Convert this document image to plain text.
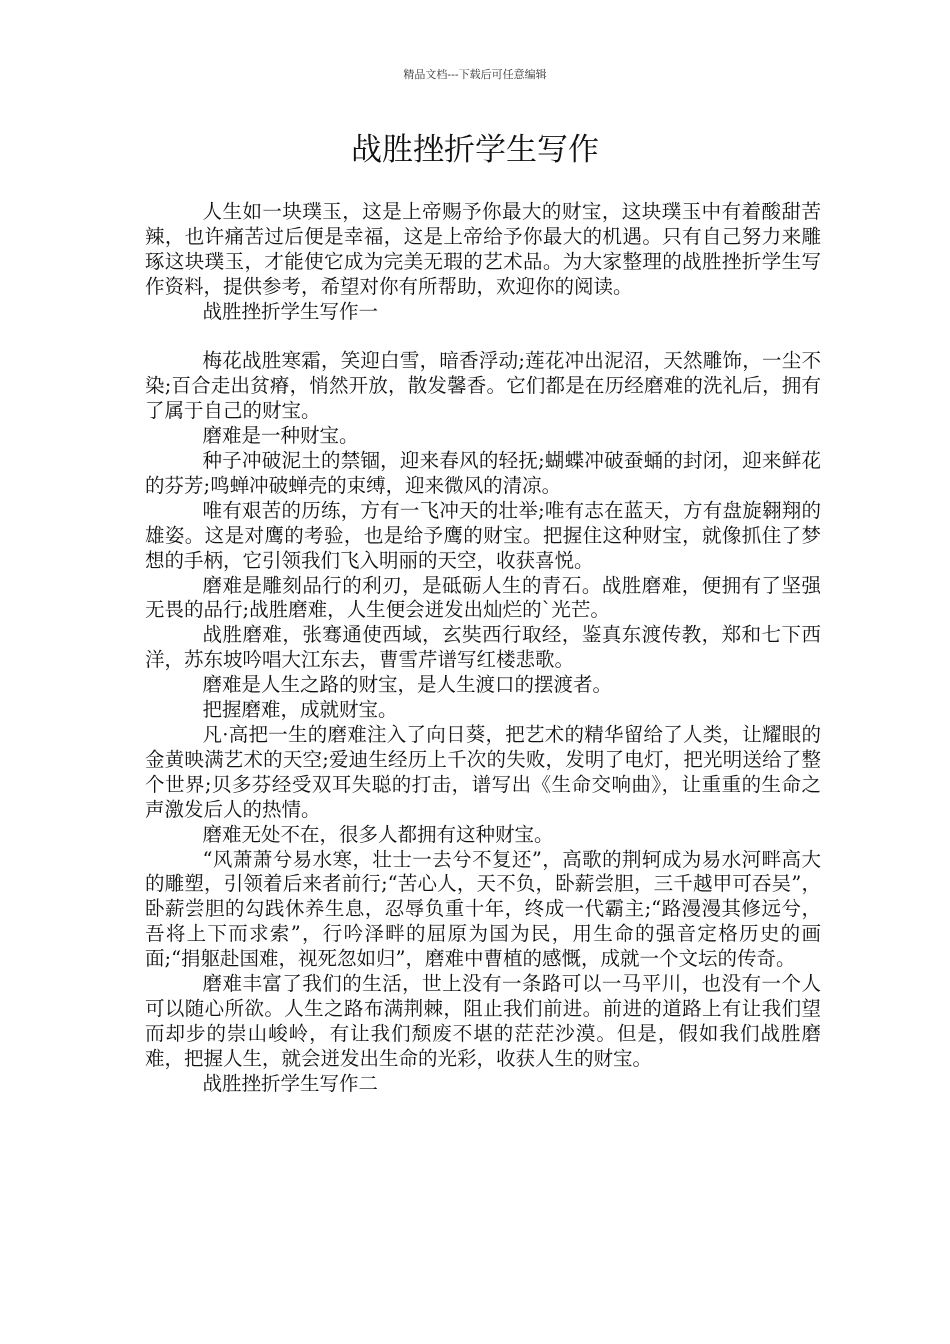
精品文档---下载后可任意编辑
战胜挫折学生写作

人生如一块璞玉，这是上帝赐予你最大的财宝，这块璞玉中有着酸甜苦辣，也许痛苦过后便是幸福，这是上帝给予你最大的机遇。只有自己努力来雕琢这块璞玉，才能使它成为完美无瑕的艺术品。为大家整理的战胜挫折学生写作资料，提供参考，希望对你有所帮助，欢迎你的阅读。

战胜挫折学生写作一

梅花战胜寒霜，笑迎白雪，暗香浮动;莲花冲出泥沼，天然雕饰，一尘不染;百合走出贫瘠，悄然开放，散发馨香。它们都是在历经磨难的洗礼后，拥有了属于自己的财宝。

磨难是一种财宝。

种子冲破泥土的禁锢，迎来春风的轻抚;蝴蝶冲破蚕蛹的封闭，迎来鲜花的芬芳;鸣蝉冲破蝉壳的束缚，迎来微风的清凉。

唯有艰苦的历练，方有一飞冲天的壮举;唯有志在蓝天，方有盘旋翱翔的雄姿。这是对鹰的考验，也是给予鹰的财宝。把握住这种财宝，就像抓住了梦想的手柄，它引领我们飞入明丽的天空，收获喜悦。

磨难是雕刻品行的利刃，是砥砺人生的青石。战胜磨难，便拥有了坚强无畏的品行;战胜磨难，人生便会迸发出灿烂的`光芒。

战胜磨难，张骞通使西域，玄奘西行取经，鉴真东渡传教，郑和七下西洋，苏东坡吟唱大江东去，曹雪芹谱写红楼悲歌。

磨难是人生之路的财宝，是人生渡口的摆渡者。

把握磨难，成就财宝。

凡·高把一生的磨难注入了向日葵，把艺术的精华留给了人类，让耀眼的金黄映满艺术的天空;爱迪生经历上千次的失败，发明了电灯，把光明送给了整个世界;贝多芬经受双耳失聪的打击，谱写出《生命交响曲》，让重重的生命之声激发后人的热情。

磨难无处不在，很多人都拥有这种财宝。

“风萧萧兮易水寒，壮士一去兮不复还”，高歌的荆轲成为易水河畔高大的雕塑，引领着后来者前行;“苦心人，天不负，卧薪尝胆，三千越甲可吞吴”，卧薪尝胆的勾践休养生息，忍辱负重十年，终成一代霸主;“路漫漫其修远兮，吾将上下而求索”，行吟泽畔的屈原为国为民，用生命的强音定格历史的画面;“捐躯赴国难，视死忽如归”，磨难中曹植的感慨，成就一个文坛的传奇。

磨难丰富了我们的生活，世上没有一条路可以一马平川，也没有一个人可以随心所欲。人生之路布满荆棘，阻止我们前进。前进的道路上有让我们望而却步的崇山峻岭，有让我们颓废不堪的茫茫沙漠。但是，假如我们战胜磨难，把握人生，就会迸发出生命的光彩，收获人生的财宝。

战胜挫折学生写作二
